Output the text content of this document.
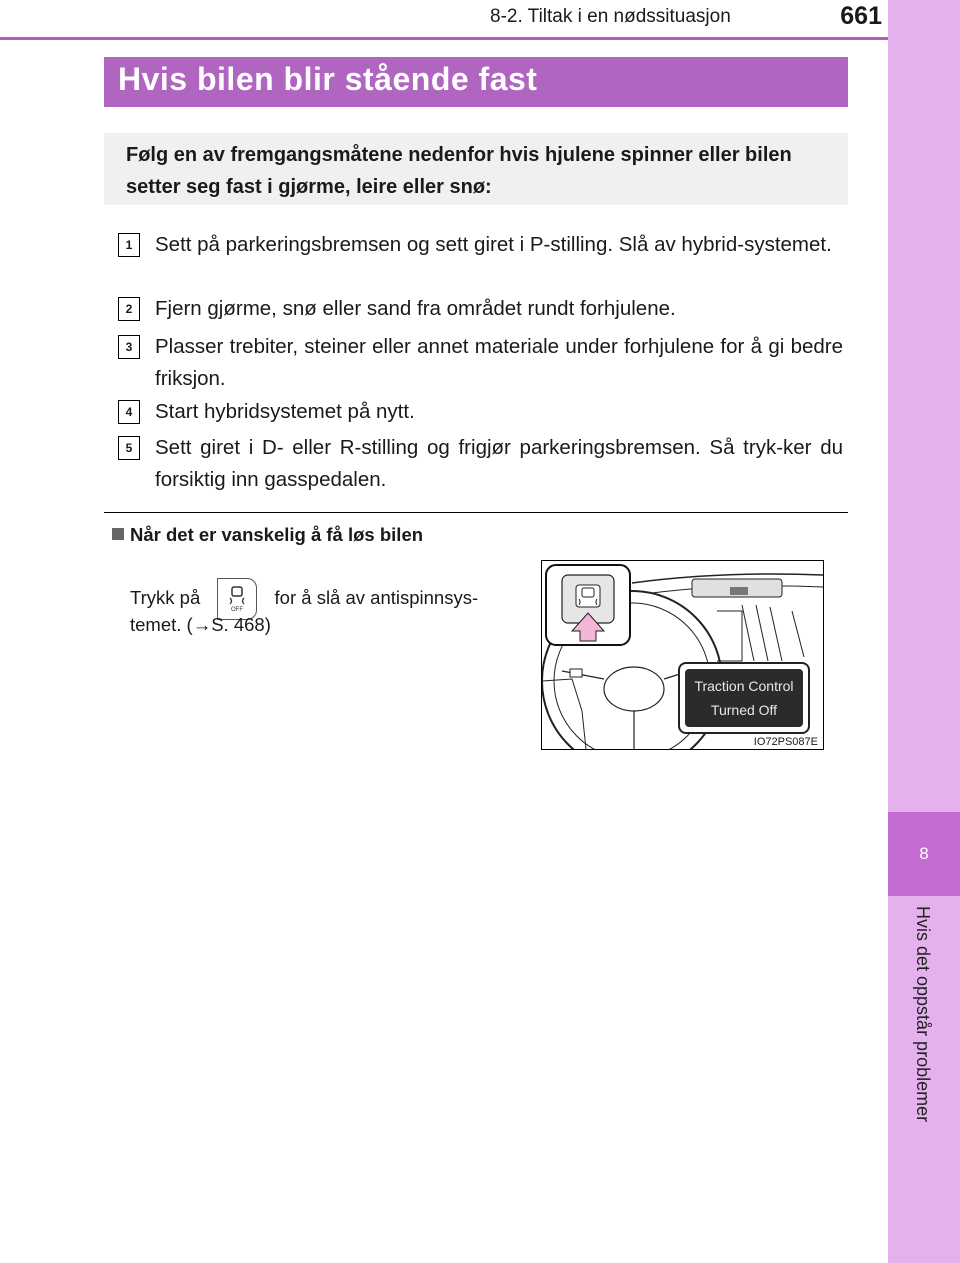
8-2. Tiltak i en nødssituasjon	661
8
Hvis det oppstår problemer
Hvis bilen blir stående fast
Følg en av fremgangsmåtene nedenfor hvis hjulene spinner eller bilen setter seg fast i gjørme, leire eller snø:
1	Sett på parkeringsbremsen og sett giret i P-stilling. Slå av hybrid-systemet.
2	Fjern gjørme, snø eller sand fra området rundt forhjulene.
3	Plasser trebiter, steiner eller annet materiale under forhjulene for å gi bedre friksjon.
4	Start hybridsystemet på nytt.
5	Sett giret i D- eller R-stilling og frigjør parkeringsbremsen. Så tryk-ker du forsiktig inn gasspedalen.
Når det er vanskelig å få løs bilen
Trykk på
OFF
for å slå av antispinnsys-
temet. (→S. 468)
Traction Control
Turned Off
IO72PS087E
